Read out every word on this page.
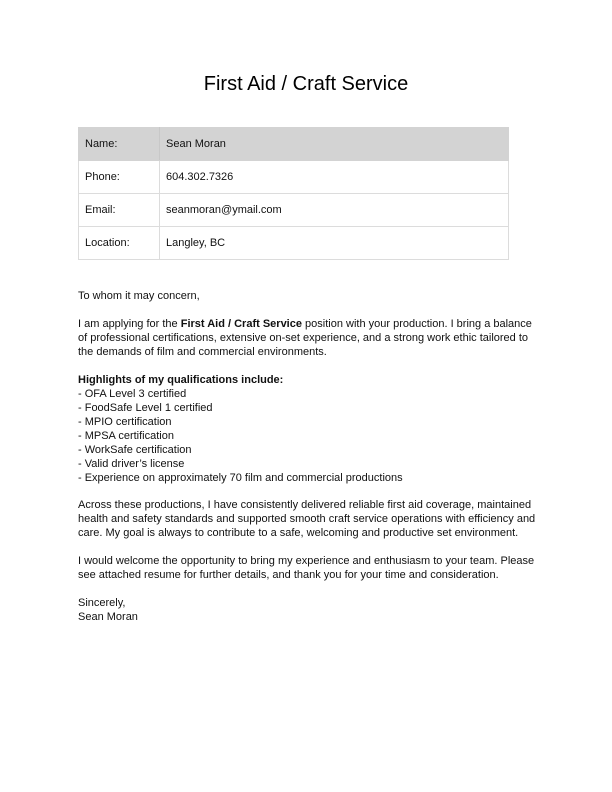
First Aid / Craft Service
Name:	Sean Moran
Phone:	604.302.7326
Email:	seanmoran@ymail.com
Location:	Langley, BC

To whom it may concern,

I am applying for the First Aid / Craft Service position with your production. I bring a balance of professional certifications, extensive on-set experience, and a strong work ethic tailored to the demands of film and commercial environments.

Highlights of my qualifications include:
- OFA Level 3 certified
- FoodSafe Level 1 certified
- MPIO certification
- MPSA certification
- WorkSafe certification
- Valid driver’s license
- Experience on approximately 70 film and commercial productions

Across these productions, I have consistently delivered reliable first aid coverage, maintained health and safety standards and supported smooth craft service operations with efficiency and care. My goal is always to contribute to a safe, welcoming and productive set environment.

I would welcome the opportunity to bring my experience and enthusiasm to your team. Please see attached resume for further details, and thank you for your time and consideration.

Sincerely,

Sean Moran
